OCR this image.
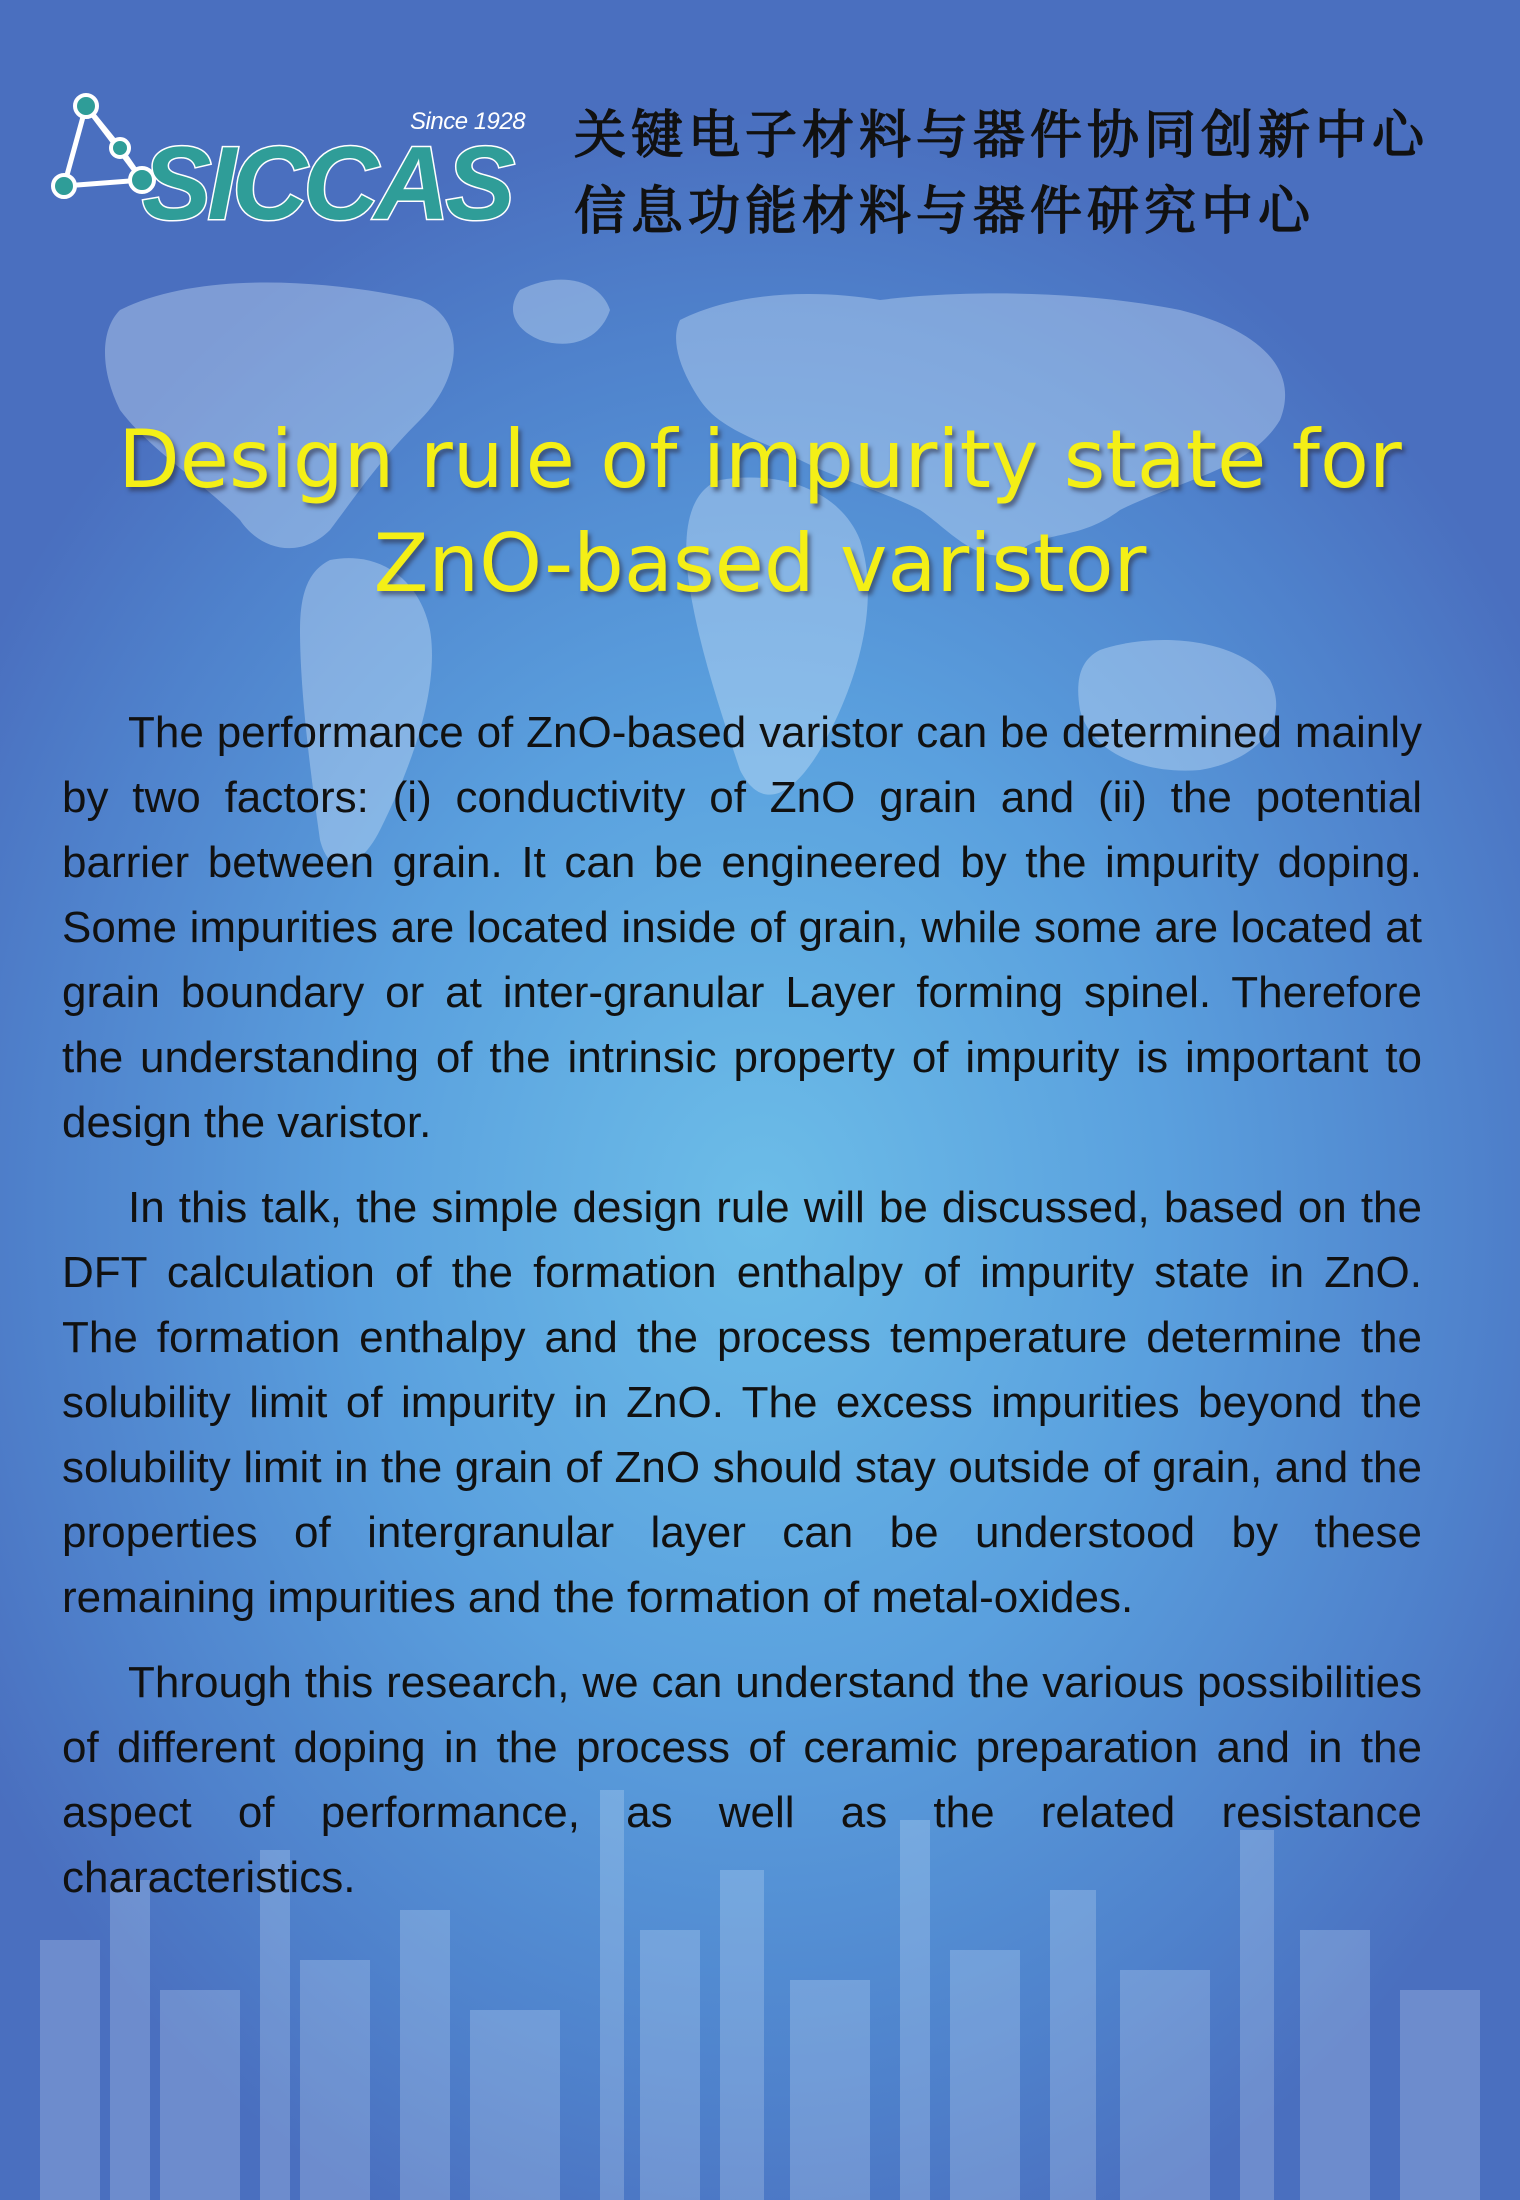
SICCAS
Since 1928 关键电子材料与器件协同创新中心
信息功能材料与器件研究中心
Design rule of impurity state for
ZnO-based varistor

The performance of ZnO-based varistor can be determined mainly by two factors: (i) conductivity of ZnO grain and (ii) the potential barrier between grain. It can be engineered by the impurity doping. Some impurities are located inside of grain, while some are located at grain boundary or at inter-granular Layer forming spinel. Therefore the understanding of the intrinsic property of impurity is important to design the varistor.

In this talk, the simple design rule will be discussed, based on the DFT calculation of the formation enthalpy of impurity state in ZnO. The formation enthalpy and the process temperature determine the solubility limit of impurity in ZnO. The excess impurities beyond the solubility limit in the grain of ZnO should stay outside of grain, and the properties of intergranular layer can be understood by these remaining impurities and the formation of metal-oxides.

Through this research, we can understand the various possibilities of different doping in the process of ceramic preparation and in the aspect of performance, as well as the related resistance characteristics.
